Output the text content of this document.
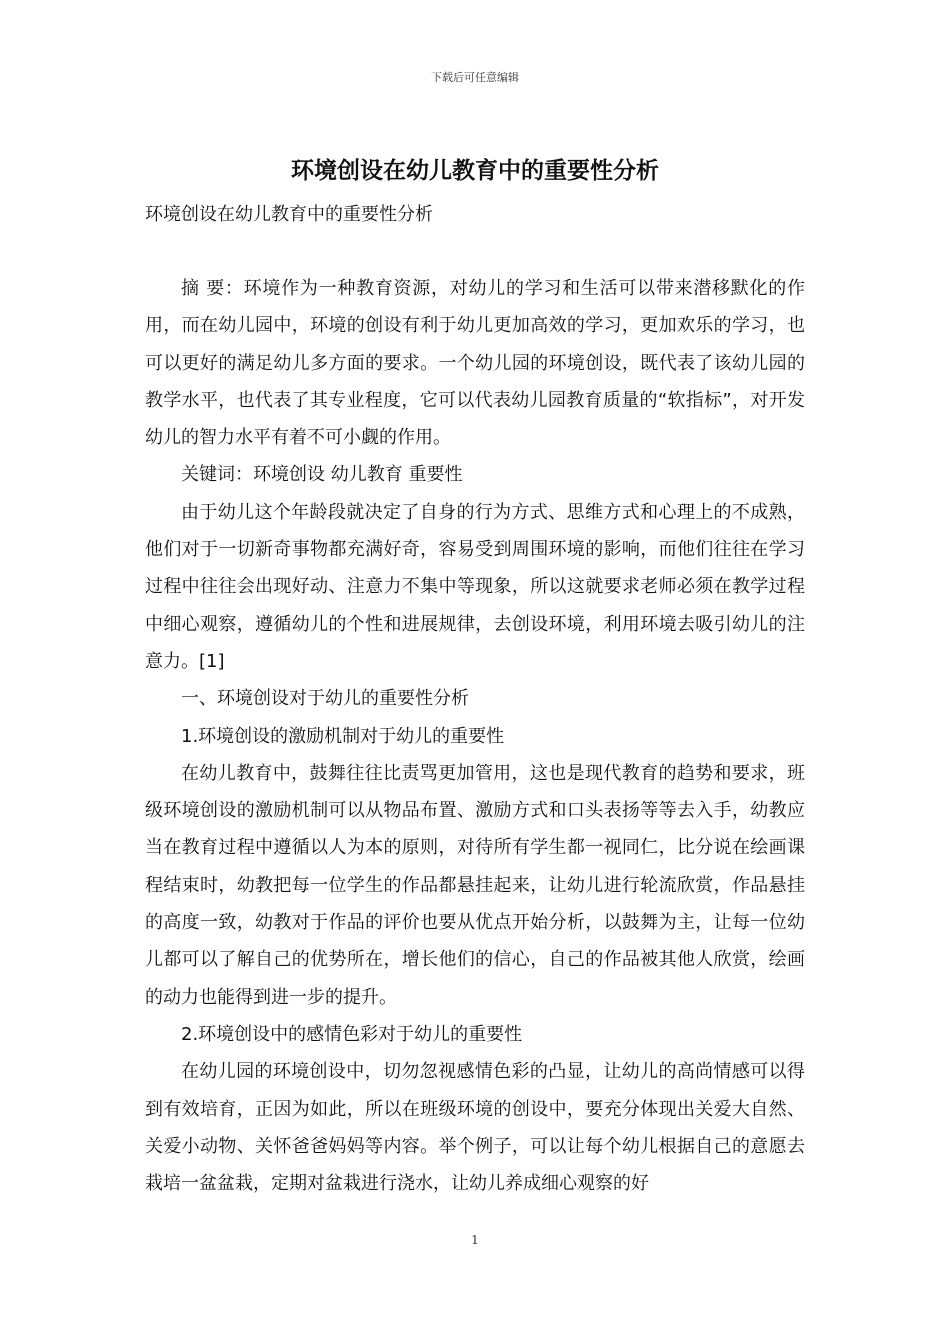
下载后可任意编辑
环境创设在幼儿教育中的重要性分析
环境创设在幼儿教育中的重要性分析

摘 要：环境作为一种教育资源，对幼儿的学习和生活可以带来潜移默化的作用，而在幼儿园中，环境的创设有利于幼儿更加高效的学习，更加欢乐的学习，也可以更好的满足幼儿多方面的要求。一个幼儿园的环境创设，既代表了该幼儿园的教学水平，也代表了其专业程度，它可以代表幼儿园教育质量的“软指标”，对开发幼儿的智力水平有着不可小觑的作用。

关键词：环境创设 幼儿教育 重要性

由于幼儿这个年龄段就决定了自身的行为方式、思维方式和心理上的不成熟，他们对于一切新奇事物都充满好奇，容易受到周围环境的影响，而他们往往在学习过程中往往会出现好动、注意力不集中等现象，所以这就要求老师必须在教学过程中细心观察，遵循幼儿的个性和进展规律，去创设环境，利用环境去吸引幼儿的注意力。[1]

一、环境创设对于幼儿的重要性分析

1.环境创设的激励机制对于幼儿的重要性

在幼儿教育中，鼓舞往往比责骂更加管用，这也是现代教育的趋势和要求，班级环境创设的激励机制可以从物品布置、激励方式和口头表扬等等去入手，幼教应当在教育过程中遵循以人为本的原则，对待所有学生都一视同仁，比分说在绘画课程结束时，幼教把每一位学生的作品都悬挂起来，让幼儿进行轮流欣赏，作品悬挂的高度一致，幼教对于作品的评价也要从优点开始分析，以鼓舞为主，让每一位幼儿都可以了解自己的优势所在，增长他们的信心，自己的作品被其他人欣赏，绘画的动力也能得到进一步的提升。

2.环境创设中的感情色彩对于幼儿的重要性

在幼儿园的环境创设中，切勿忽视感情色彩的凸显，让幼儿的高尚情感可以得到有效培育，正因为如此，所以在班级环境的创设中，要充分体现出关爱大自然、关爱小动物、关怀爸爸妈妈等内容。举个例子，可以让每个幼儿根据自己的意愿去栽培一盆盆栽，定期对盆栽进行浇水，让幼儿养成细心观察的好

1
